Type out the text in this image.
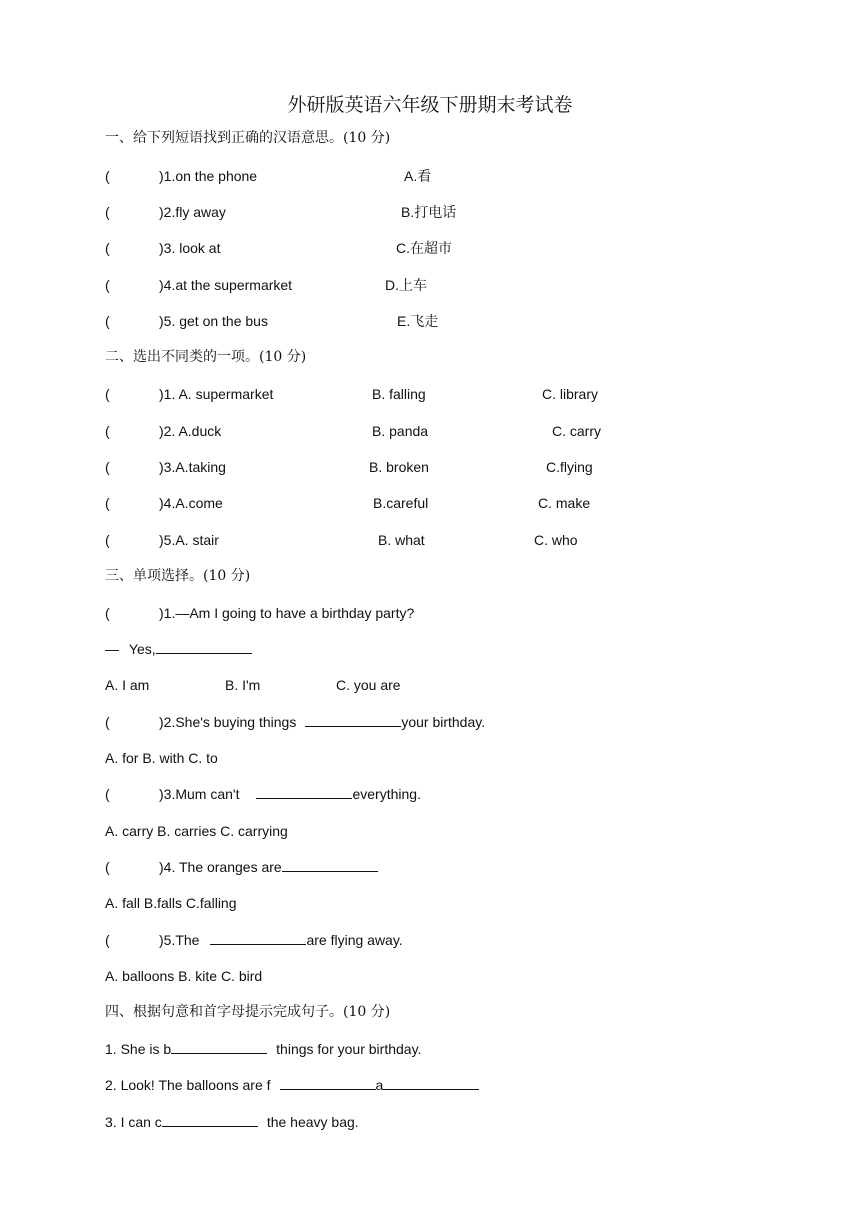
外研版英语六年级下册期末考试卷
一、给下列短语找到正确的汉语意思。(10 分)
(	)1.on the phone	A.看
(	)2.fly away	B.打电话
(	)3. look at	C.在超市
(	)4.at the supermarket	D.上车
(	)5. get on the bus	E.飞走
二、选出不同类的一项。(10 分)
(	)1. A. supermarket	B. falling	C. library
(	)2. A.duck	B. panda	C. carry
(	)3.A.taking	B. broken	C.flying
(	)4.A.come	B.careful	C. make
(	)5.A. stair	B. what	C. who
三、单项选择。(10 分)
(	)1.—Am I going to have a birthday party?
— Yes,
A. I am	B. I'm	C. you are
(	)2.She's buying things	your birthday.
A. for B. with C. to
(	)3.Mum can't	everything.
A. carry B. carries C. carrying
(	)4. The oranges are
A. fall B.falls C.falling
(	)5.The	are flying away.
A. balloons B. kite C. bird
四、根据句意和首字母提示完成句子。(10 分)
1. She is b	things for your birthday.
2. Look! The balloons are f	a
3. I can c	the heavy bag.
